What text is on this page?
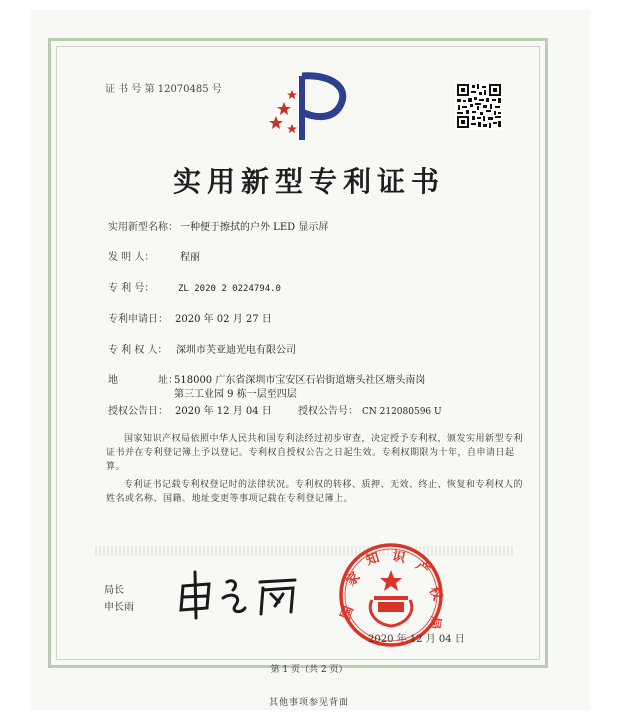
证 书 号 第 12070485 号
实用新型专利证书
实用新型名称： 一种便于擦拭的户外 LED 显示屏
发 明 人：	程丽
专 利 号：	ZL 2020 2 0224794.0
专利申请日： 2020 年 02 月 27 日
专 利 权 人： 深圳市芙亚迪光电有限公司
地	址：
518000 广东省深圳市宝安区石岩街道塘头社区塘头南岗
第三工业园 9 栋一层至四层
授权公告日： 2020 年 12 月 04 日	授权公告号： CN 212080596 U

国家知识产权局依照中华人民共和国专利法经过初步审查，决定授予专利权，颁发实用新型专利证书并在专利登记簿上予以登记。专利权自授权公告之日起生效。专利权期限为十年，自申请日起算。

专利证书记载专利权登记时的法律状况。专利权的转移、质押、无效、终止、恢复和专利权人的姓名或名称、国籍、地址变更等事项记载在专利登记簿上。

局长
申长雨	国
家
知 识
产
权
局
2020 年 12 月 04 日
第 1 页（共 2 页）
其他事项参见背面
